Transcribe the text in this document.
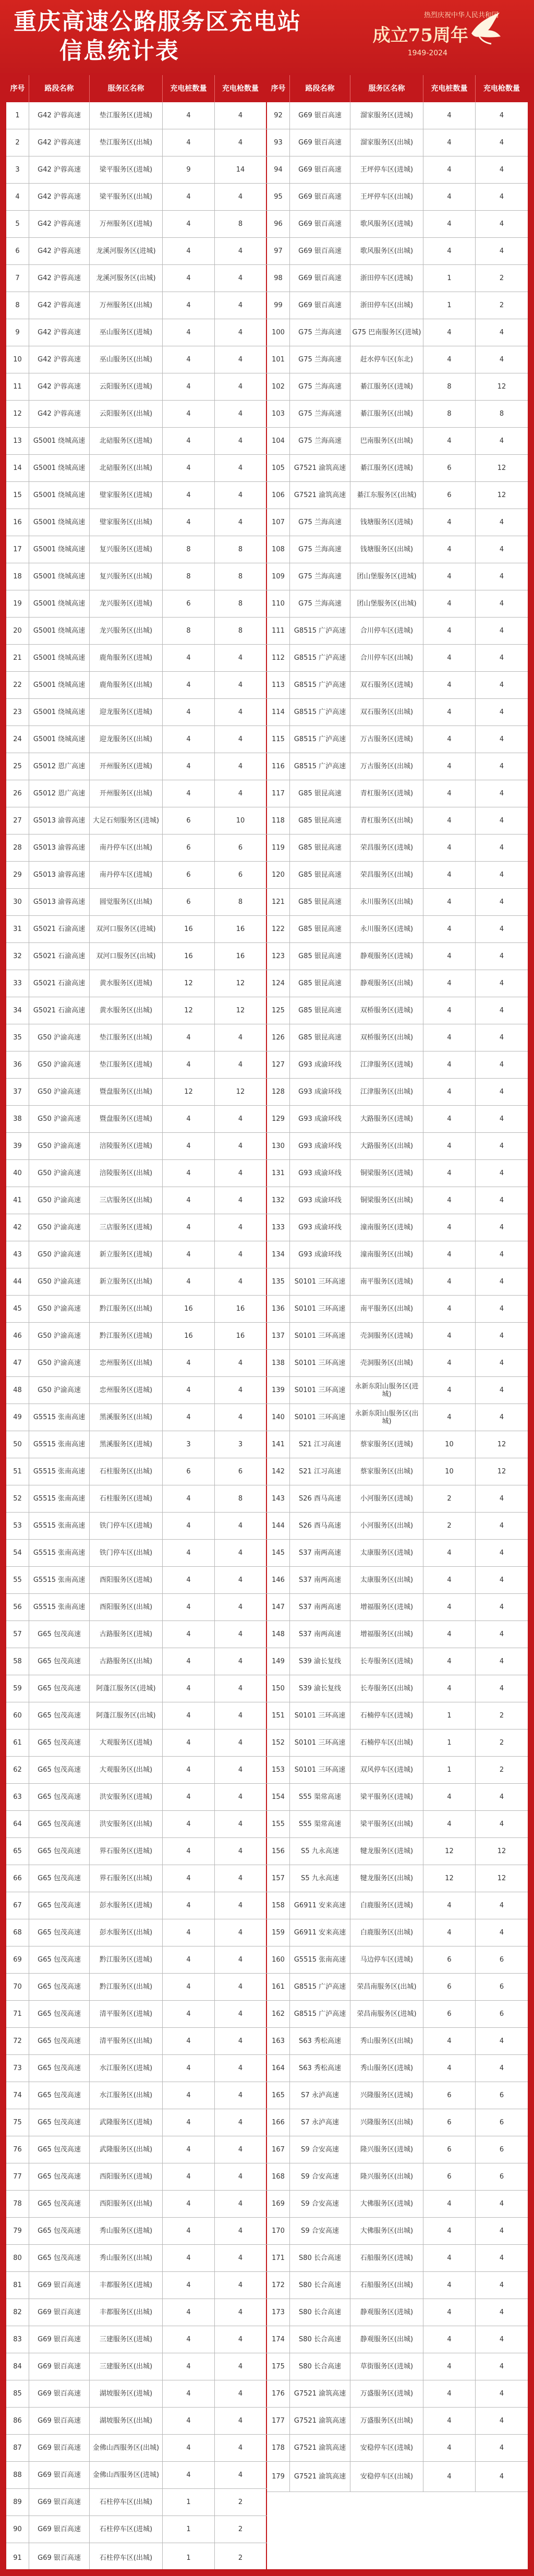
重庆高速公路服务区充电站
信息统计表
热烈庆祝中华人民共和国
成立75周年
1949-2024
序号	路段名称	服务区名称	充电桩数量	充电枪数量
1	G42 沪蓉高速	垫江服务区(进城)	4	4
2	G42 沪蓉高速	垫江服务区(出城)	4	4
3	G42 沪蓉高速	梁平服务区(进城)	9	14
4	G42 沪蓉高速	梁平服务区(出城)	4	4
5	G42 沪蓉高速	万州服务区(进城)	4	8
6	G42 沪蓉高速	龙溪河服务区(进城)	4	4
7	G42 沪蓉高速	龙溪河服务区(出城)	4	4
8	G42 沪蓉高速	万州服务区(出城)	4	4
9	G42 沪蓉高速	巫山服务区(进城)	4	4
10	G42 沪蓉高速	巫山服务区(出城)	4	4
11	G42 沪蓉高速	云阳服务区(进城)	4	4
12	G42 沪蓉高速	云阳服务区(出城)	4	4
13	G5001 绕城高速	北碚服务区(进城)	4	4
14	G5001 绕城高速	北碚服务区(出城)	4	4
15	G5001 绕城高速	璧家服务区(进城)	4	4
16	G5001 绕城高速	璧家服务区(出城)	4	4
17	G5001 绕城高速	复兴服务区(进城)	8	8
18	G5001 绕城高速	复兴服务区(出城)	8	8
19	G5001 绕城高速	龙兴服务区(进城)	6	8
20	G5001 绕城高速	龙兴服务区(出城)	8	8
21	G5001 绕城高速	鹿角服务区(进城)	4	4
22	G5001 绕城高速	鹿角服务区(出城)	4	4
23	G5001 绕城高速	迎龙服务区(进城)	4	4
24	G5001 绕城高速	迎龙服务区(出城)	4	4
25	G5012 恩广高速	开州服务区(进城)	4	4
26	G5012 恩广高速	开州服务区(出城)	4	4
27	G5013 渝蓉高速	大足石刻服务区(进城)	6	10
28	G5013 渝蓉高速	南丹停车区(出城)	6	6
29	G5013 渝蓉高速	南丹停车区(进城)	6	6
30	G5013 渝蓉高速	圆觉服务区(出城)	6	8
31	G5021 石渝高速	双河口服务区(进城)	16	16
32	G5021 石渝高速	双河口服务区(出城)	16	16
33	G5021 石渝高速	黄水服务区(进城)	12	12
34	G5021 石渝高速	黄水服务区(出城)	12	12
35	G50 沪渝高速	垫江服务区(出城)	4	4
36	G50 沪渝高速	垫江服务区(进城)	4	4
37	G50 沪渝高速	暨盘服务区(出城)	12	12
38	G50 沪渝高速	暨盘服务区(进城)	4	4
39	G50 沪渝高速	涪陵服务区(进城)	4	4
40	G50 沪渝高速	涪陵服务区(出城)	4	4
41	G50 沪渝高速	三店服务区(出城)	4	4
42	G50 沪渝高速	三店服务区(进城)	4	4
43	G50 沪渝高速	新立服务区(进城)	4	4
44	G50 沪渝高速	新立服务区(出城)	4	4
45	G50 沪渝高速	黔江服务区(出城)	16	16
46	G50 沪渝高速	黔江服务区(进城)	16	16
47	G50 沪渝高速	忠州服务区(出城)	4	4
48	G50 沪渝高速	忠州服务区(进城)	4	4
49	G5515 张南高速	黑溪服务区(出城)	4	4
50	G5515 张南高速	黑溪服务区(进城)	3	3
51	G5515 张南高速	石柱服务区(出城)	6	6
52	G5515 张南高速	石柱服务区(进城)	4	8
53	G5515 张南高速	铁门停车区(进城)	4	4
54	G5515 张南高速	铁门停车区(出城)	4	4
55	G5515 张南高速	酉阳服务区(进城)	4	4
56	G5515 张南高速	酉阳服务区(出城)	4	4
57	G65 包茂高速	古路服务区(进城)	4	4
58	G65 包茂高速	古路服务区(出城)	4	4
59	G65 包茂高速	阿蓬江服务区(进城)	4	4
60	G65 包茂高速	阿蓬江服务区(出城)	4	4
61	G65 包茂高速	大观服务区(进城)	4	4
62	G65 包茂高速	大观服务区(出城)	4	4
63	G65 包茂高速	洪安服务区(进城)	4	4
64	G65 包茂高速	洪安服务区(出城)	4	4
65	G65 包茂高速	界石服务区(进城)	4	4
66	G65 包茂高速	界石服务区(出城)	4	4
67	G65 包茂高速	彭水服务区(进城)	4	4
68	G65 包茂高速	彭水服务区(出城)	4	4
69	G65 包茂高速	黔江服务区(进城)	4	4
70	G65 包茂高速	黔江服务区(出城)	4	4
71	G65 包茂高速	清平服务区(进城)	4	4
72	G65 包茂高速	清平服务区(出城)	4	4
73	G65 包茂高速	水江服务区(进城)	4	4
74	G65 包茂高速	水江服务区(出城)	4	4
75	G65 包茂高速	武隆服务区(进城)	4	4
76	G65 包茂高速	武隆服务区(出城)	4	4
77	G65 包茂高速	西阳服务区(进城)	4	4
78	G65 包茂高速	西阳服务区(出城)	4	4
79	G65 包茂高速	秀山服务区(进城)	4	4
80	G65 包茂高速	秀山服务区(出城)	4	4
81	G69 银百高速	丰都服务区(进城)	4	4
82	G69 银百高速	丰都服务区(出城)	4	4
83	G69 银百高速	三建服务区(进城)	4	4
84	G69 银百高速	三建服务区(出城)	4	4
85	G69 银百高速	湖坡服务区(进城)	4	4
86	G69 银百高速	湖坡服务区(出城)	4	4
87	G69 银百高速	金佛山西服务区(出城)	4	4
88	G69 银百高速	金佛山西服务区(进城)	4	4
89	G69 银百高速	石柱停车区(出城)	1	2
90	G69 银百高速	石柱停车区(进城)	1	2
91	G69 银百高速	石柱停车区(出城)	1	2
序号	路段名称	服务区名称	充电桩数量	充电枪数量
92	G69 银百高速	溜家服务区(进城)	4	4
93	G69 银百高速	溜家服务区(出城)	4	4
94	G69 银百高速	王坪停车区(进城)	4	4
95	G69 银百高速	王坪停车区(出城)	4	4
96	G69 银百高速	歌风服务区(进城)	4	4
97	G69 银百高速	歌风服务区(出城)	4	4
98	G69 银百高速	浙田停车区(进城)	1	2
99	G69 银百高速	浙田停车区(出城)	1	2
100	G75 兰海高速	G75 巴南服务区(进城)	4	4
101	G75 兰海高速	赶水停车区(东北)	4	4
102	G75 兰海高速	綦江服务区(进城)	8	12
103	G75 兰海高速	綦江服务区(出城)	8	8
104	G75 兰海高速	巴南服务区(出城)	4	4
105	G7521 渝筑高速	綦江服务区(进城)	6	12
106	G7521 渝筑高速	綦江东服务区(出城)	6	12
107	G75 兰海高速	钱塘服务区(进城)	4	4
108	G75 兰海高速	钱塘服务区(出城)	4	4
109	G75 兰海高速	团山堡服务区(进城)	4	4
110	G75 兰海高速	团山堡服务区(出城)	4	4
111	G8515 广泸高速	合川停车区(进城)	4	4
112	G8515 广泸高速	合川停车区(出城)	4	4
113	G8515 广泸高速	双石服务区(进城)	4	4
114	G8515 广泸高速	双石服务区(出城)	4	4
115	G8515 广泸高速	万古服务区(进城)	4	4
116	G8515 广泸高速	万古服务区(出城)	4	4
117	G85 银昆高速	青杠服务区(进城)	4	4
118	G85 银昆高速	青杠服务区(出城)	4	4
119	G85 银昆高速	荣昌服务区(进城)	4	4
120	G85 银昆高速	荣昌服务区(出城)	4	4
121	G85 银昆高速	永川服务区(出城)	4	4
122	G85 银昆高速	永川服务区(进城)	4	4
123	G85 银昆高速	静观服务区(进城)	4	4
124	G85 银昆高速	静观服务区(出城)	4	4
125	G85 银昆高速	双桥服务区(进城)	4	4
126	G85 银昆高速	双桥服务区(出城)	4	4
127	G93 成渝环线	江津服务区(进城)	4	4
128	G93 成渝环线	江津服务区(出城)	4	4
129	G93 成渝环线	大路服务区(进城)	4	4
130	G93 成渝环线	大路服务区(出城)	4	4
131	G93 成渝环线	铜梁服务区(进城)	4	4
132	G93 成渝环线	铜梁服务区(出城)	4	4
133	G93 成渝环线	潼南服务区(进城)	4	4
134	G93 成渝环线	潼南服务区(出城)	4	4
135	S0101 三环高速	南平服务区(进城)	4	4
136	S0101 三环高速	南平服务区(出城)	4	4
137	S0101 三环高速	壳洞服务区(进城)	4	4
138	S0101 三环高速	壳洞服务区(出城)	4	4
139	S0101 三环高速	永新东阳山服务区(进城)	4	4
140	S0101 三环高速	永新东阳山服务区(出城)	4	4
141	S21 江习高速	蔡家服务区(进城)	10	12
142	S21 江习高速	蔡家服务区(出城)	10	12
143	S26 酉马高速	小河服务区(进城)	2	4
144	S26 酉马高速	小河服务区(出城)	2	4
145	S37 南两高速	太康服务区(进城)	4	4
146	S37 南两高速	太康服务区(出城)	4	4
147	S37 南两高速	增福服务区(进城)	4	4
148	S37 南两高速	增福服务区(出城)	4	4
149	S39 渝长复线	长寿服务区(进城)	4	4
150	S39 渝长复线	长寿服务区(出城)	4	4
151	S0101 三环高速	石楠停车区(进城)	1	2
152	S0101 三环高速	石楠停车区(出城)	1	2
153	S0101 三环高速	双风停车区(进城)	1	2
154	S55 渠常高速	梁平服务区(进城)	4	4
155	S55 渠常高速	梁平服务区(出城)	4	4
156	S5 九永高速	犍龙服务区(进城)	12	12
157	S5 九永高速	犍龙服务区(出城)	12	12
158	G6911 安来高速	白鹿服务区(进城)	4	4
159	G6911 安来高速	白鹿服务区(出城)	4	4
160	G5515 张南高速	马边停车区(进城)	6	6
161	G8515 广泸高速	荣昌南服务区(出城)	6	6
162	G8515 广泸高速	荣昌南服务区(进城)	6	6
163	S63 秀松高速	秀山服务区(出城)	4	4
164	S63 秀松高速	秀山服务区(进城)	4	4
165	S7 永泸高速	兴隆服务区(进城)	6	6
166	S7 永泸高速	兴隆服务区(出城)	6	6
167	S9 合安高速	隆兴服务区(进城)	6	6
168	S9 合安高速	隆兴服务区(出城)	6	6
169	S9 合安高速	大佛服务区(进城)	4	4
170	S9 合安高速	大佛服务区(出城)	4	4
171	S80 长合高速	石船服务区(进城)	4	4
172	S80 长合高速	石船服务区(出城)	4	4
173	S80 长合高速	静观服务区(进城)	4	4
174	S80 长合高速	静观服务区(出城)	4	4
175	S80 长合高速	草街服务区(进城)	4	4
176	G7521 渝筑高速	万盛服务区(进城)	4	4
177	G7521 渝筑高速	万盛服务区(出城)	4	4
178	G7521 渝筑高速	安稳停车区(进城)	4	4
179	G7521 渝筑高速	安稳停车区(出城)	4	4
